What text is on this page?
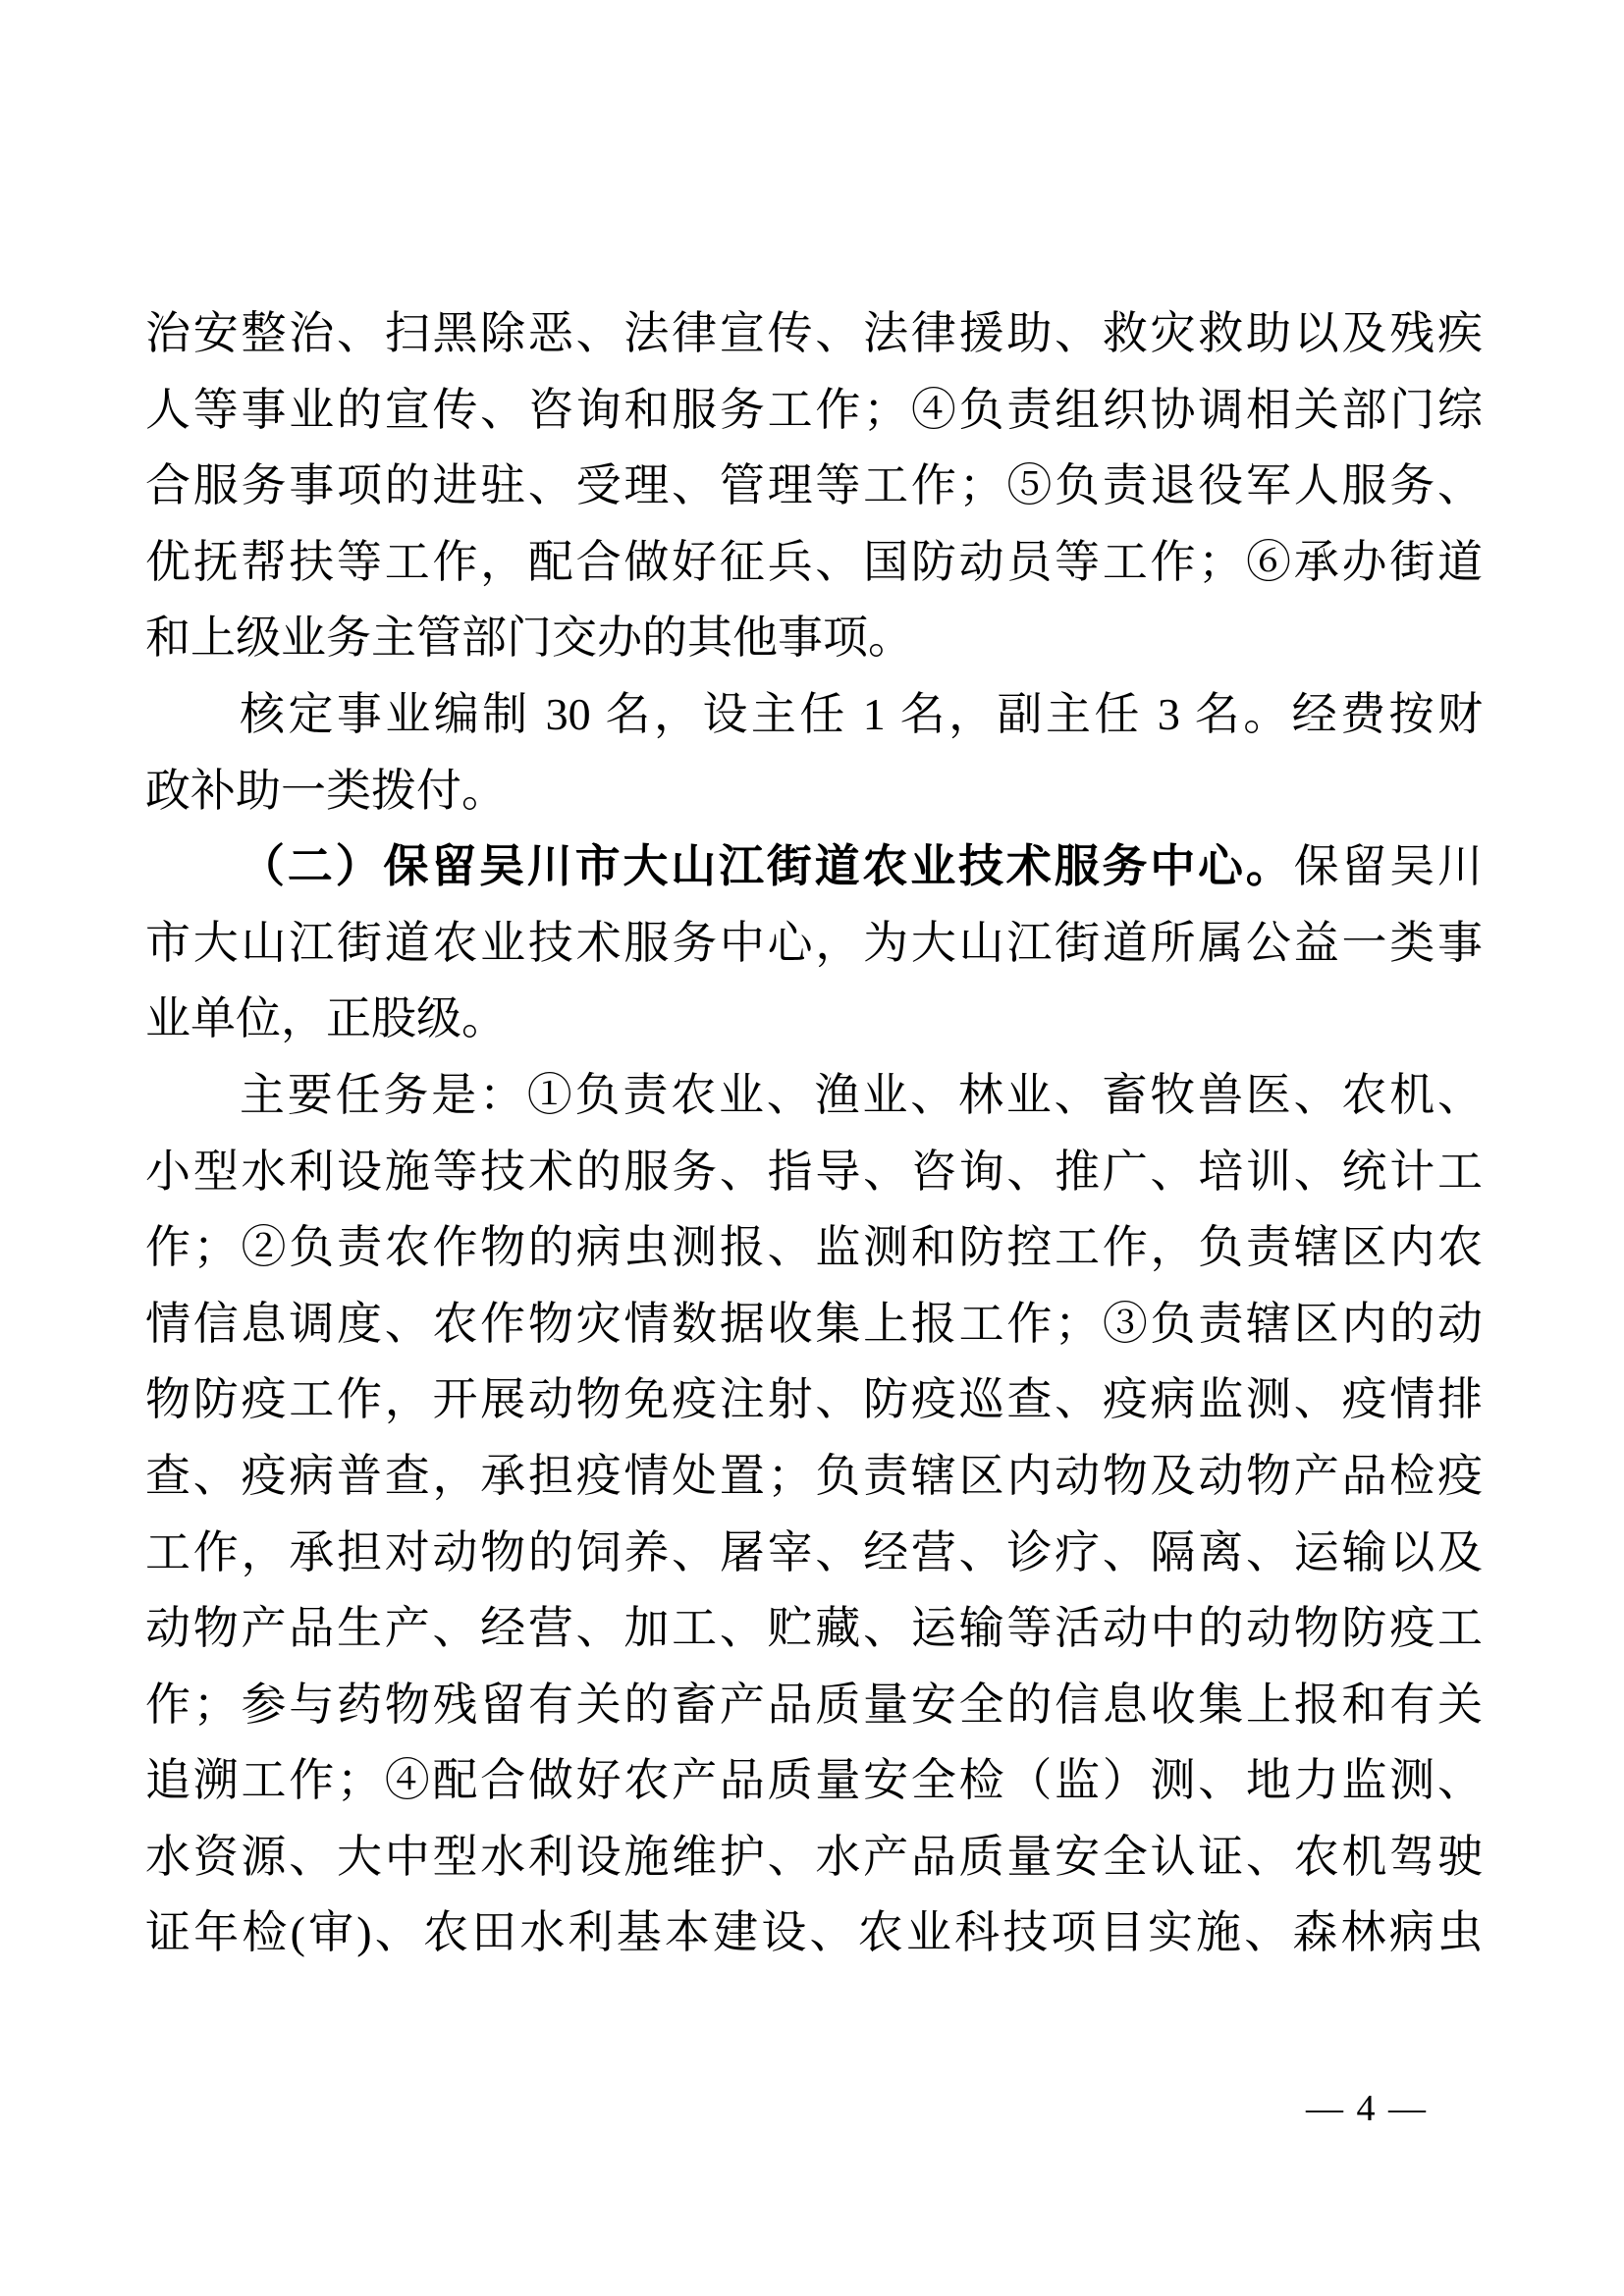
治安整治、扫黑除恶、法律宣传、法律援助、救灾救助以及残疾
人等事业的宣传、咨询和服务工作；④负责组织协调相关部门综
合服务事项的进驻、受理、管理等工作；⑤负责退役军人服务、
优抚帮扶等工作，配合做好征兵、国防动员等工作；⑥承办街道
和上级业务主管部门交办的其他事项。
核定事业编制 30 名，设主任 1 名，副主任 3 名。经费按财
政补助一类拨付。
（二）保留吴川市大山江街道农业技术服务中心。保留吴川
市大山江街道农业技术服务中心，为大山江街道所属公益一类事
业单位，正股级。
主要任务是：①负责农业、渔业、林业、畜牧兽医、农机、
小型水利设施等技术的服务、指导、咨询、推广、培训、统计工
作；②负责农作物的病虫测报、监测和防控工作，负责辖区内农
情信息调度、农作物灾情数据收集上报工作；③负责辖区内的动
物防疫工作，开展动物免疫注射、防疫巡查、疫病监测、疫情排
查、疫病普查，承担疫情处置；负责辖区内动物及动物产品检疫
工作，承担对动物的饲养、屠宰、经营、诊疗、隔离、运输以及
动物产品生产、经营、加工、贮藏、运输等活动中的动物防疫工
作；参与药物残留有关的畜产品质量安全的信息收集上报和有关
追溯工作；④配合做好农产品质量安全检（监）测、地力监测、
水资源、大中型水利设施维护、水产品质量安全认证、农机驾驶
证年检(审)、农田水利基本建设、农业科技项目实施、森林病虫
— 4 —
